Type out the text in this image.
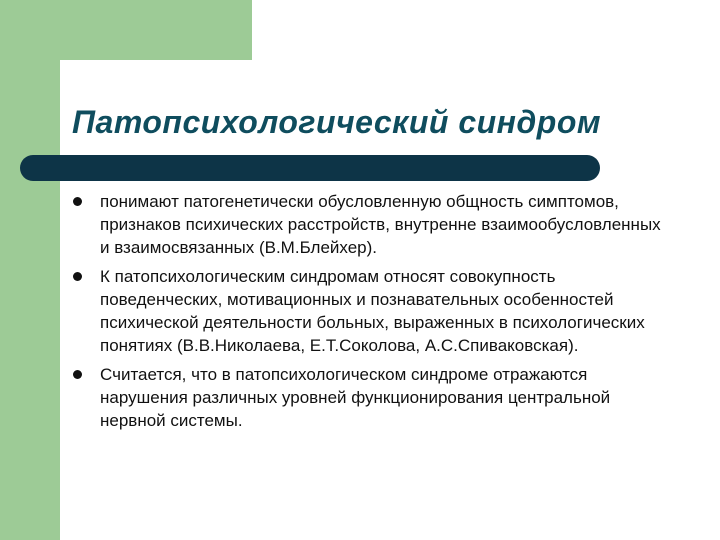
Патопсихологический синдром
понимают патогенетически обусловленную общность симптомов, признаков психических расстройств, внутренне взаимообусловленных и взаимосвязанных (В.М.Блейхер).
К патопсихологическим синдромам относят совокупность поведенческих, мотивационных и познавательных особенностей психической деятельности больных, выраженных в психологических понятиях (В.В.Николаева, Е.Т.Соколова, А.С.Спиваковская).
Считается, что в патопсихологическом синдроме отражаются нарушения различных уровней функционирования центральной нервной системы.
